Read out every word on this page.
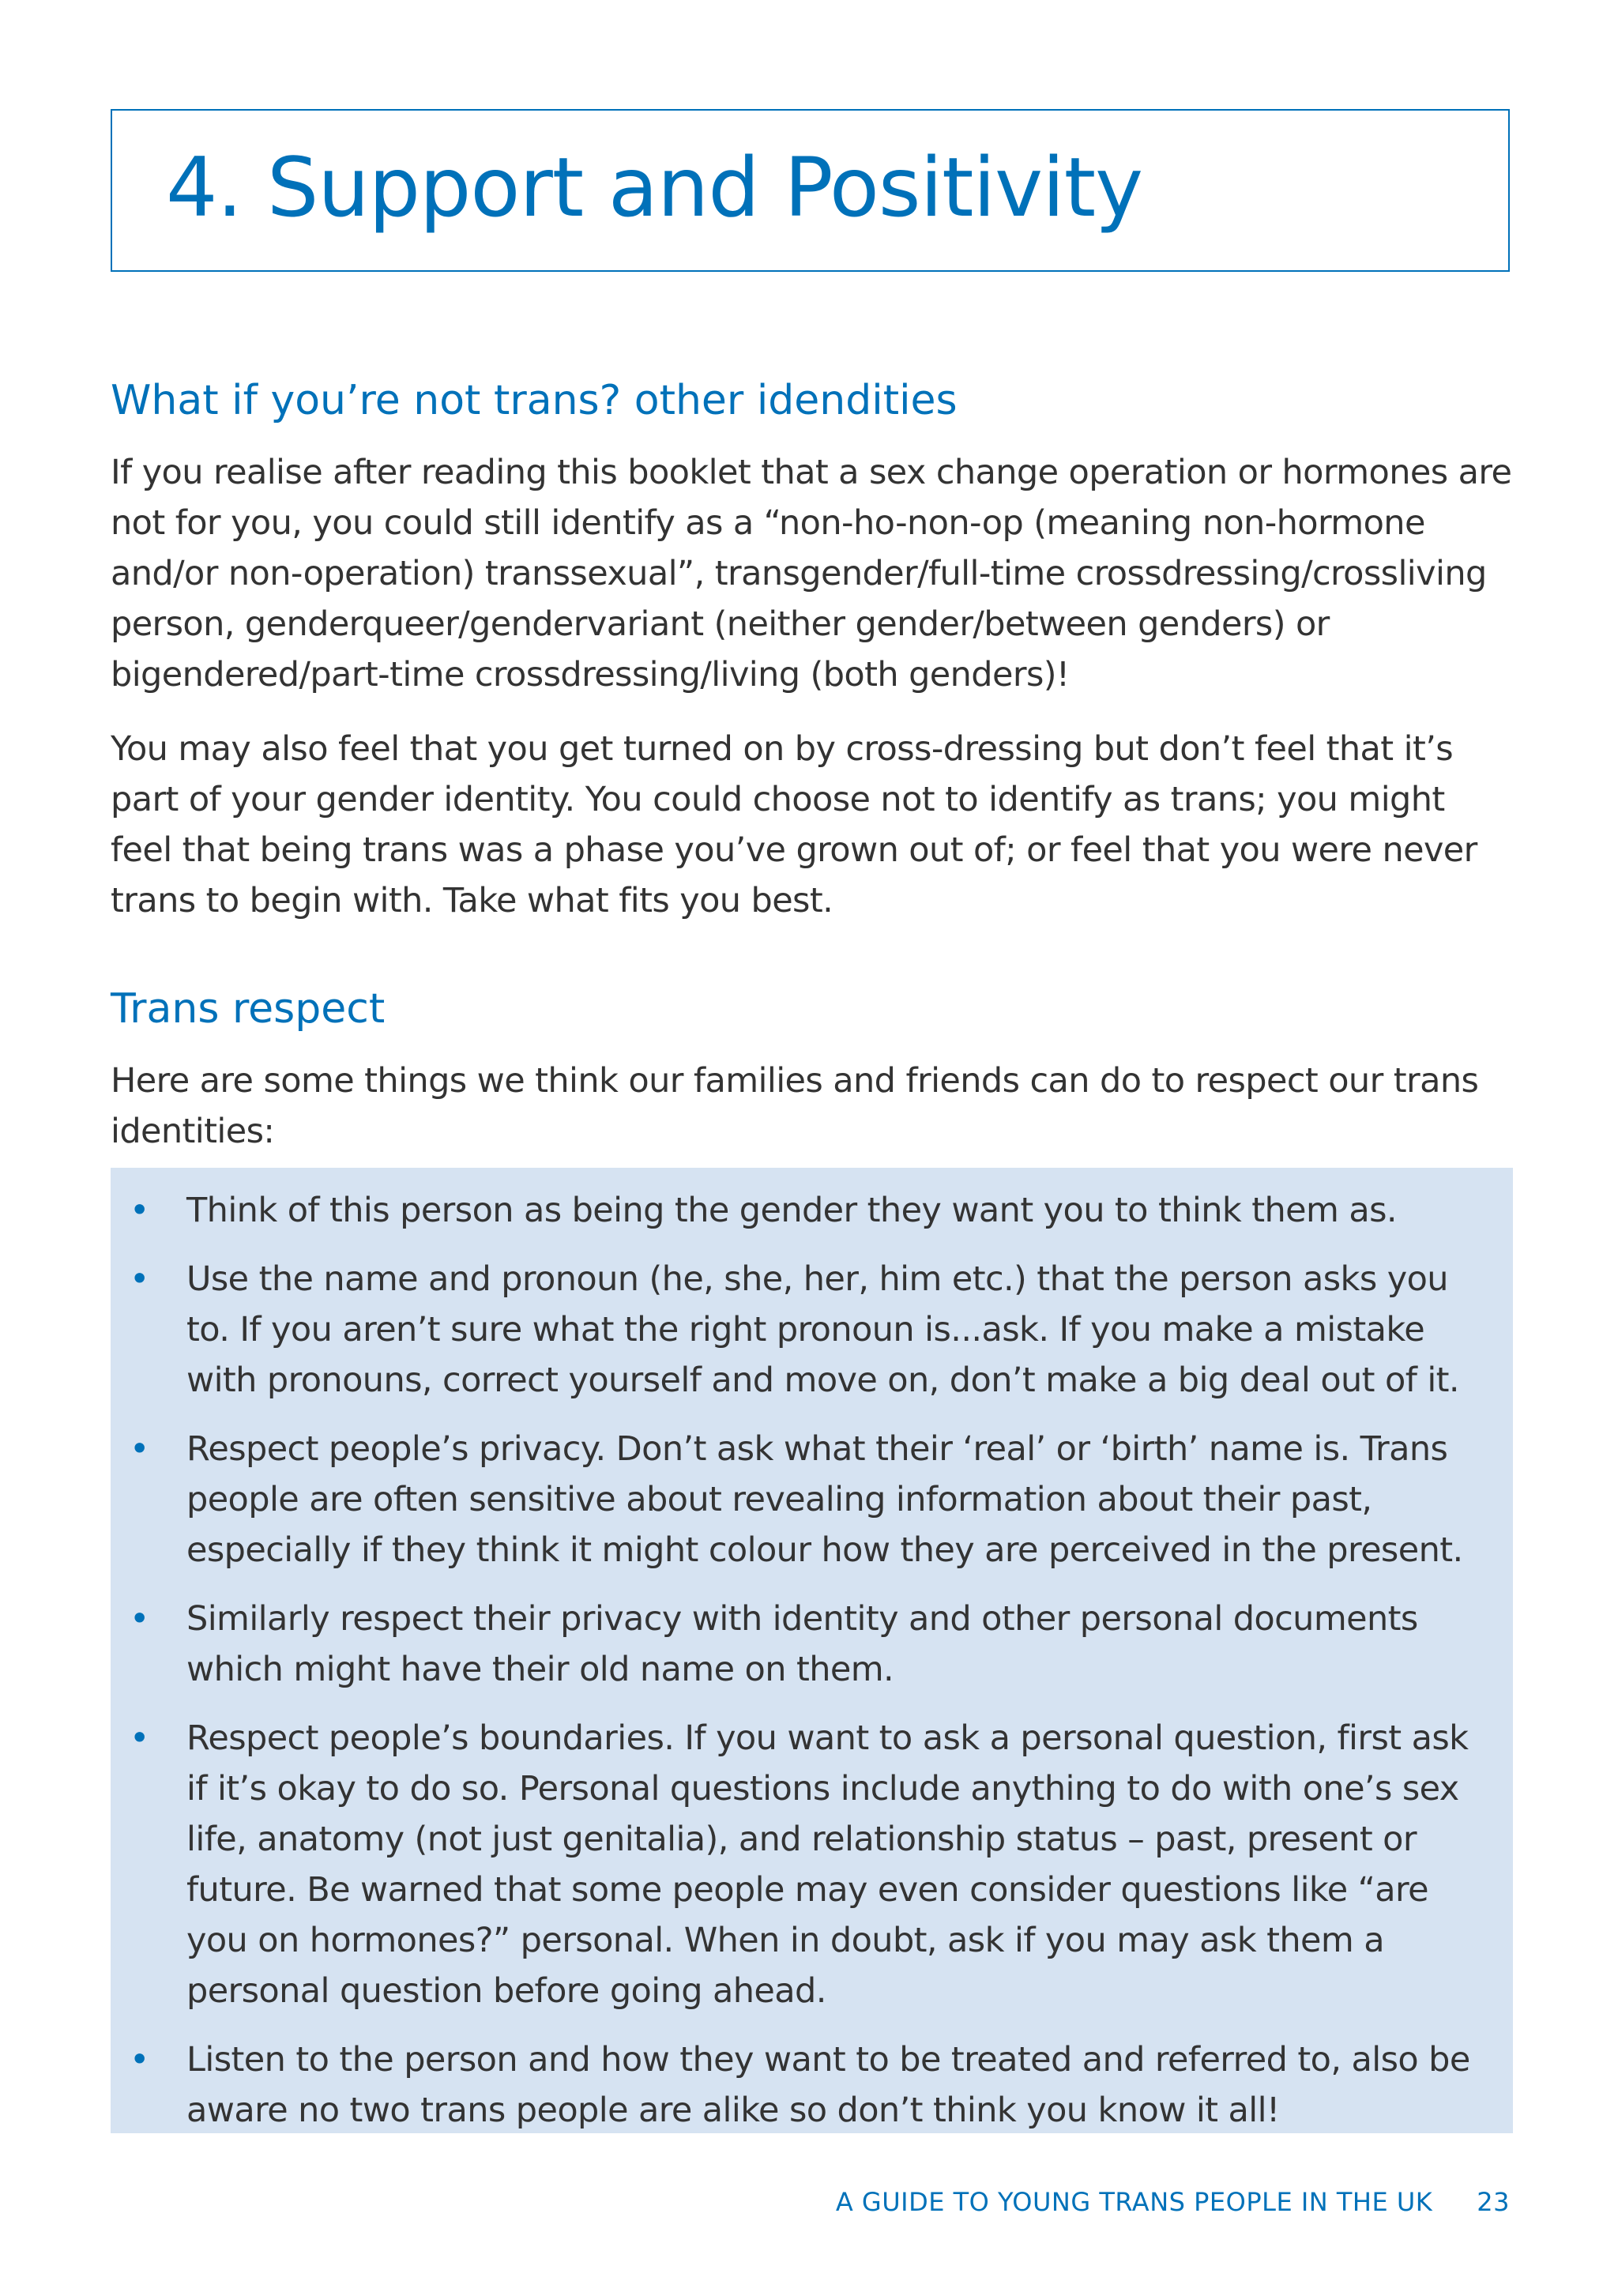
4. Support and Positivity
What if you’re not trans? other idendities

If you realise after reading this booklet that a sex change operation or hormones are not for you, you could still identify as a “non-ho-non-op (meaning non-hormone and/or non-operation) transsexual”, transgender/full-time crossdressing/crossliving person, genderqueer/gendervariant (neither gender/between genders) or bigendered/part-time crossdressing/living (both genders)!

You may also feel that you get turned on by cross-dressing but don’t feel that it’s part of your gender identity. You could choose not to identify as trans; you might feel that being trans was a phase you’ve grown out of; or feel that you were never trans to begin with. Take what fits you best.

Trans respect

Here are some things we think our families and friends can do to respect our trans identities:

• Think of this person as being the gender they want you to think them as.
• Use the name and pronoun (he, she, her, him etc.) that the person asks you to. If you aren’t sure what the right pronoun is...ask. If you make a mistake with pronouns, correct yourself and move on, don’t make a big deal out of it.
• Respect people’s privacy. Don’t ask what their ‘real’ or ‘birth’ name is. Trans people are often sensitive about revealing information about their past, especially if they think it might colour how they are perceived in the present.
• Similarly respect their privacy with identity and other personal documents which might have their old name on them.
• Respect people’s boundaries. If you want to ask a personal question, first ask if it’s okay to do so. Personal questions include anything to do with one’s sex life, anatomy (not just genitalia), and relationship status – past, present or future. Be warned that some people may even consider questions like “are you on hormones?” personal. When in doubt, ask if you may ask them a personal question before going ahead.
• Listen to the person and how they want to be treated and referred to, also be aware no two trans people are alike so don’t think you know it all!
A GUIDE TO YOUNG TRANS PEOPLE IN THE UK 23
